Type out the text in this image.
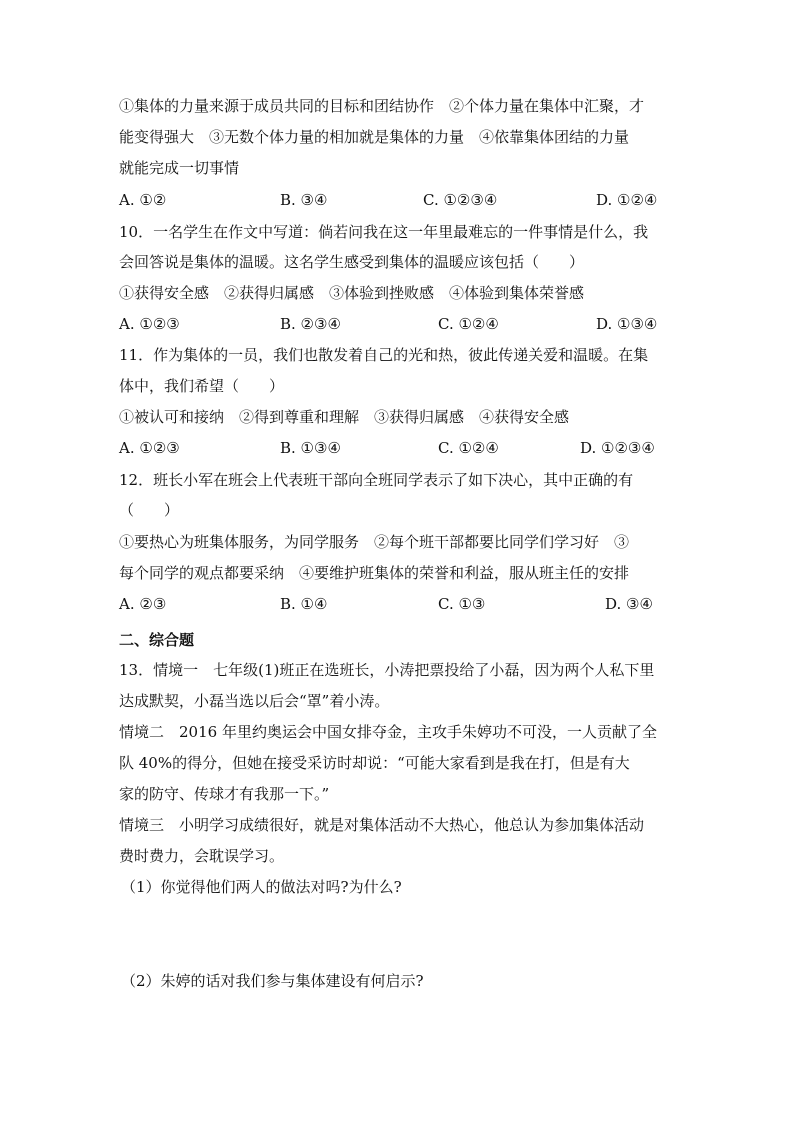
①集体的力量来源于成员共同的目标和团结协作　②个体力量在集体中汇聚，才
能变得强大　③无数个体力量的相加就是集体的力量　④依靠集体团结的力量
就能完成一切事情
A. ①②	B. ③④	C. ①②③④	D. ①②④
10．一名学生在作文中写道：倘若问我在这一年里最难忘的一件事情是什么，我
会回答说是集体的温暖。这名学生感受到集体的温暖应该包括（　　）
①获得安全感　②获得归属感　③体验到挫败感　④体验到集体荣誉感
A. ①②③	B. ②③④	C. ①②④	D. ①③④
11．作为集体的一员，我们也散发着自己的光和热，彼此传递关爱和温暖。在集
体中，我们希望（　　）
①被认可和接纳　②得到尊重和理解　③获得归属感　④获得安全感
A. ①②③	B. ①③④	C. ①②④	D. ①②③④
12．班长小军在班会上代表班干部向全班同学表示了如下决心，其中正确的有
（　　）
①要热心为班集体服务，为同学服务　②每个班干部都要比同学们学习好　③
每个同学的观点都要采纳　④要维护班集体的荣誉和利益，服从班主任的安排
A. ②③	B. ①④	C. ①③	D. ③④
二、综合题
13．情境一　七年级(1)班正在选班长，小涛把票投给了小磊，因为两个人私下里
达成默契，小磊当选以后会“罩”着小涛。
情境二　2016 年里约奥运会中国女排夺金，主攻手朱婷功不可没，一人贡献了全
队 40%的得分，但她在接受采访时却说：“可能大家看到是我在打，但是有大
家的防守、传球才有我那一下。”
情境三　小明学习成绩很好，就是对集体活动不大热心，他总认为参加集体活动
费时费力，会耽误学习。
（1）你觉得他们两人的做法对吗?为什么?
（2）朱婷的话对我们参与集体建设有何启示?
